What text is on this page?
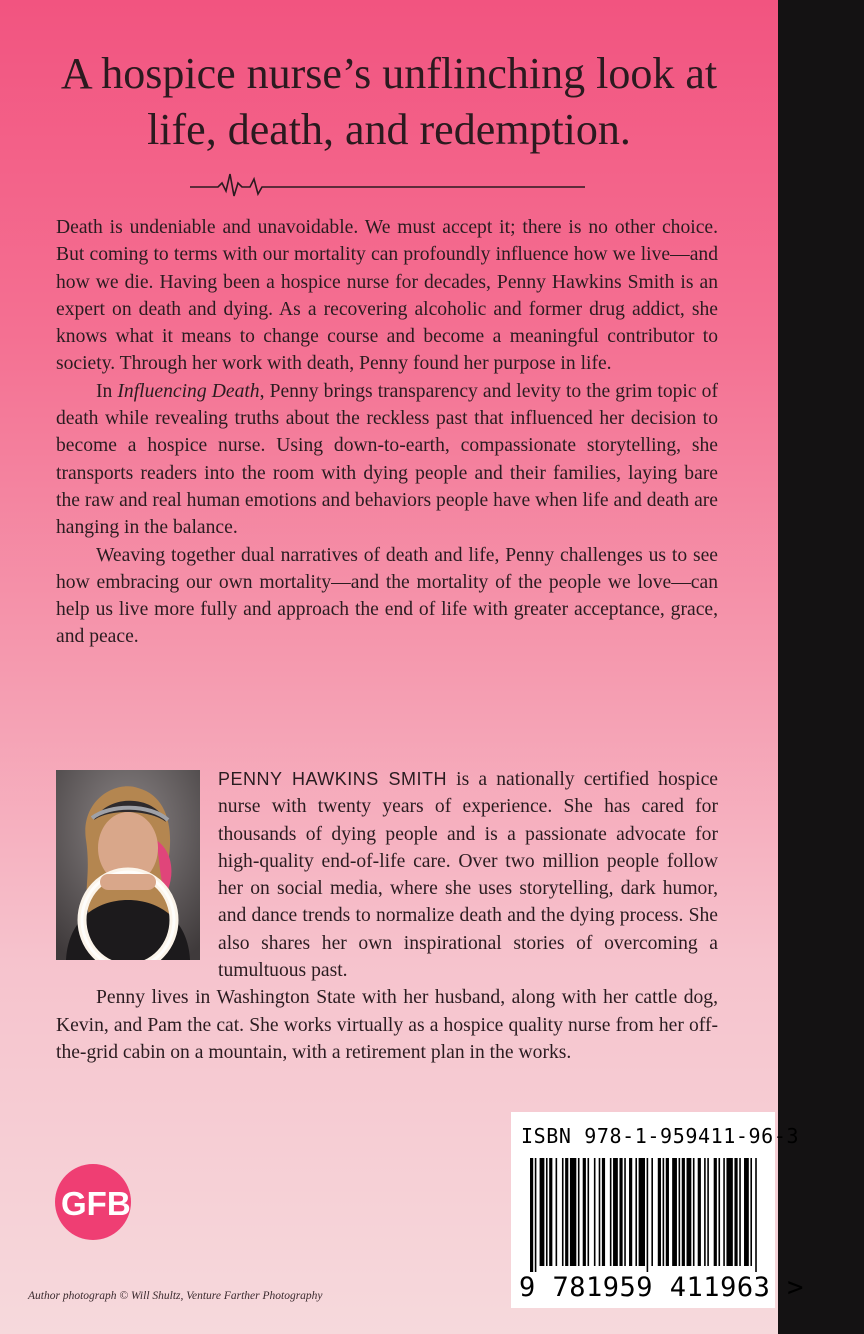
A hospice nurse’s unflinching look at life, death, and redemption.

Death is undeniable and unavoidable. We must accept it; there is no other choice. But coming to terms with our mortality can profoundly influence how we live—and how we die. Having been a hospice nurse for decades, Penny Hawkins Smith is an expert on death and dying. As a recovering alcoholic and former drug addict, she knows what it means to change course and become a meaningful contributor to society. Through her work with death, Penny found her purpose in life.

In Influencing Death, Penny brings transparency and levity to the grim topic of death while revealing truths about the reckless past that influenced her decision to become a hospice nurse. Using down-to-earth, compassionate storytelling, she transports readers into the room with dying people and their families, laying bare the raw and real human emotions and behaviors people have when life and death are hanging in the balance.

Weaving together dual narratives of death and life, Penny challenges us to see how embracing our own mortality—and the mortality of the people we love—can help us live more fully and approach the end of life with greater acceptance, grace, and peace.

PENNY HAWKINS SMITH is a nationally certified hospice nurse with twenty years of experience. She has cared for thousands of dying people and is a passionate advocate for high-quality end-of-life care. Over two million people follow her on social media, where she uses storytelling, dark humor, and dance trends to normalize death and the dying process. She also shares her own inspirational stories of overcoming a tumultuous past.

Penny lives in Washington State with her husband, along with her cattle dog, Kevin, and Pam the cat. She works virtually as a hospice quality nurse from her off-the-grid cabin on a mountain, with a retirement plan in the works.

GFB
Author photograph © Will Shultz, Venture Farther Photography
ISBN 978-1-959411-96-3
9 781959 411963 >
